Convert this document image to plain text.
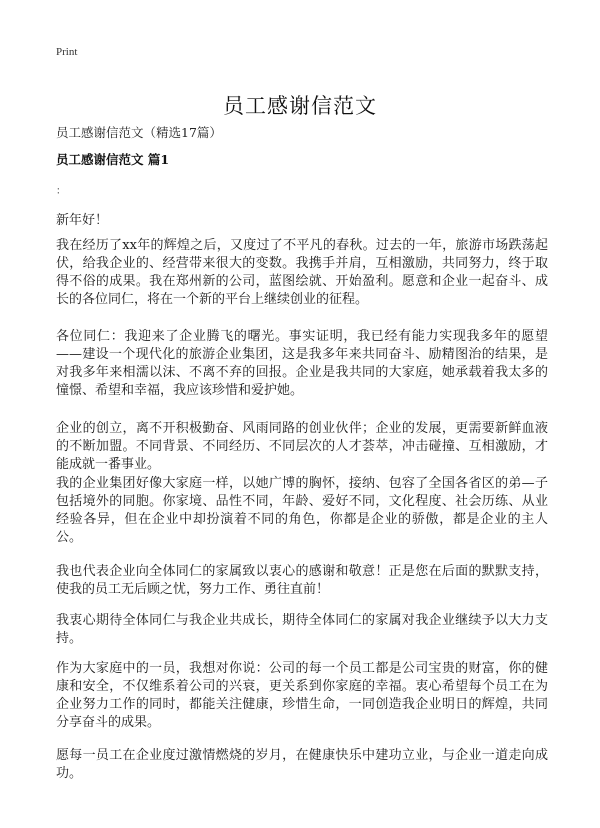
Print
员工感谢信范文
员工感谢信范文（精选17篇）
员工感谢信范文 篇1
：
新年好！

我在经历了xx年的辉煌之后，又度过了不平凡的春秋。过去的一年，旅游市场跌荡起伏，给我企业的、经营带来很大的变数。我携手并肩，互相激励，共同努力，终于取得不俗的成果。我在郑州新的公司，蓝图绘就、开始盈利。愿意和企业一起奋斗、成长的各位同仁，将在一个新的平台上继续创业的征程。

各位同仁：我迎来了企业腾飞的曙光。事实证明，我已经有能力实现我多年的愿望——建设一个现代化的旅游企业集团，这是我多年来共同奋斗、励精图治的结果，是对我多年来相濡以沫、不离不弃的回报。企业是我共同的大家庭，她承载着我太多的憧憬、希望和幸福，我应该珍惜和爱护她。

企业的创立，离不开积极勤奋、风雨同路的创业伙伴；企业的发展，更需要新鲜血液的不断加盟。不同背景、不同经历、不同层次的人才荟萃，冲击碰撞、互相激励，才能成就一番事业。

我的企业集团好像大家庭一样，以她广博的胸怀，接纳、包容了全国各省区的弟—子包括境外的同胞。你家境、品性不同，年龄、爱好不同，文化程度、社会历练、从业经验各异，但在企业中却扮演着不同的角色，你都是企业的骄傲，都是企业的主人公。

我也代表企业向全体同仁的家属致以衷心的感谢和敬意！正是您在后面的默默支持，使我的员工无后顾之忧，努力工作、勇往直前！

我衷心期待全体同仁与我企业共成长，期待全体同仁的家属对我企业继续予以大力支持。

作为大家庭中的一员，我想对你说：公司的每一个员工都是公司宝贵的财富，你的健康和安全，不仅维系着公司的兴衰，更关系到你家庭的幸福。衷心希望每个员工在为企业努力工作的同时，都能关注健康，珍惜生命，一同创造我企业明日的辉煌，共同分享奋斗的成果。

愿每一员工在企业度过激情燃烧的岁月，在健康快乐中建功立业，与企业一道走向成功。
